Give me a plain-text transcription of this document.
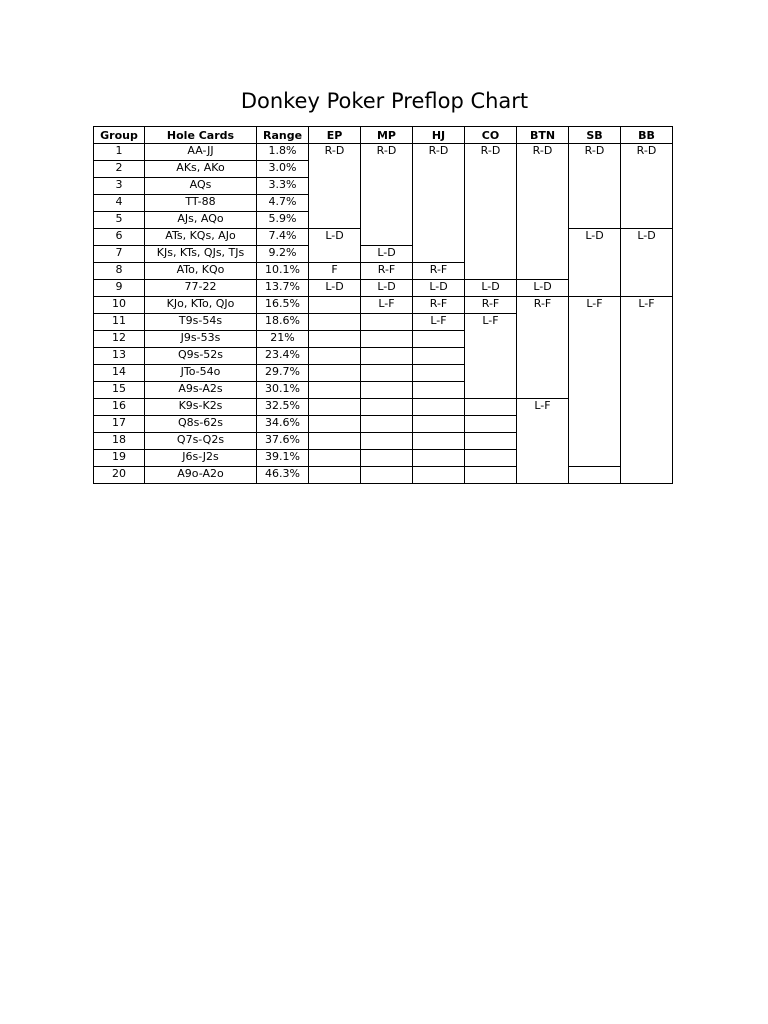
Donkey Poker Preflop Chart
Group	Hole Cards	Range	EP	MP	HJ	CO	BTN	SB	BB
1	AA-JJ	1.8%	R-D	R-D	R-D	R-D	R-D	R-D	R-D
2	AKs, AKo	3.0%							
3	AQs	3.3%							
4	TT-88	4.7%							
5	AJs, AQo	5.9%							
6	ATs, KQs, AJo	7.4%	L-D					L-D	L-D
7	KJs, KTs, QJs, TJs	9.2%		L-D					
8	ATo, KQo	10.1%	F	R-F	R-F				
9	77-22	13.7%	L-D	L-D	L-D	L-D	L-D		
10	KJo, KTo, QJo	16.5%		L-F	R-F	R-F	R-F	L-F	L-F
11	T9s-54s	18.6%			L-F	L-F			
12	J9s-53s	21%							
13	Q9s-52s	23.4%							
14	JTo-54o	29.7%							
15	A9s-A2s	30.1%							
16	K9s-K2s	32.5%					L-F		
17	Q8s-62s	34.6%							
18	Q7s-Q2s	37.6%							
19	J6s-J2s	39.1%							
20	A9o-A2o	46.3%							
